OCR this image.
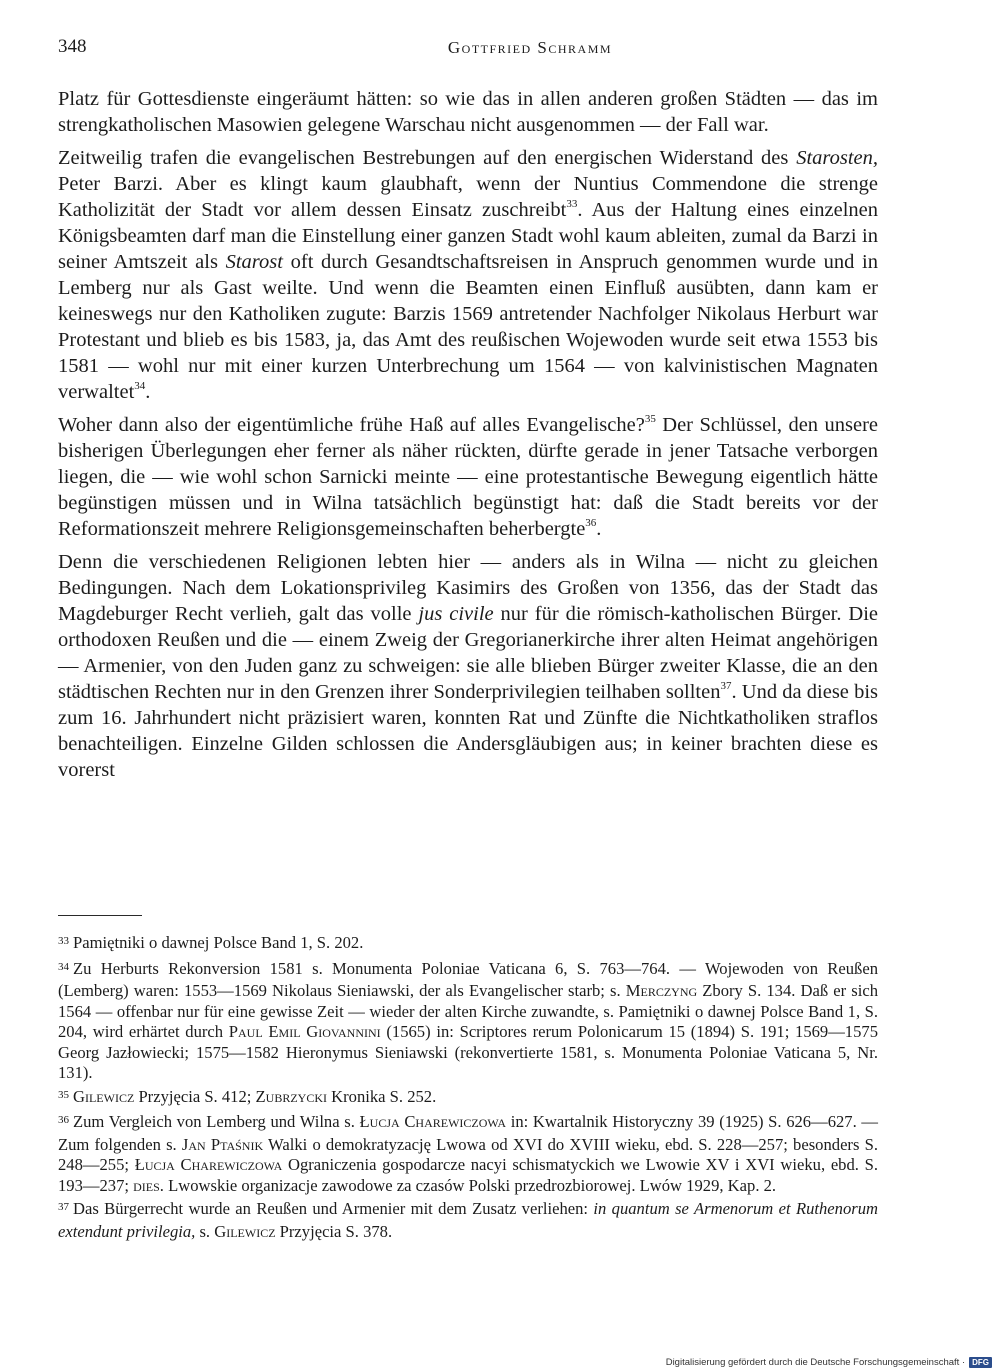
348	Gottfried Schramm

Platz für Gottesdienste eingeräumt hätten: so wie das in allen anderen großen Städten — das im strengkatholischen Masowien gelegene Warschau nicht ausgenommen — der Fall war.

Zeitweilig trafen die evangelischen Bestrebungen auf den energischen Widerstand des Starosten, Peter Barzi. Aber es klingt kaum glaubhaft, wenn der Nuntius Commendone die strenge Katholizität der Stadt vor allem dessen Einsatz zuschreibt$^{33}$. Aus der Haltung eines einzelnen Königsbeamten darf man die Einstellung einer ganzen Stadt wohl kaum ableiten, zumal da Barzi in seiner Amtszeit als Starost oft durch Gesandtschaftsreisen in Anspruch genommen wurde und in Lemberg nur als Gast weilte. Und wenn die Beamten einen Einfluß ausübten, dann kam er keineswegs nur den Katholiken zugute: Barzis 1569 antretender Nachfolger Nikolaus Herburt war Protestant und blieb es bis 1583, ja, das Amt des reußischen Wojewoden wurde seit etwa 1553 bis 1581 — wohl nur mit einer kurzen Unterbrechung um 1564 — von kalvinistischen Magnaten verwaltet$^{34}$.

Woher dann also der eigentümliche frühe Haß auf alles Evangelische?$^{35}$ Der Schlüssel, den unsere bisherigen Überlegungen eher ferner als näher rückten, dürfte gerade in jener Tatsache verborgen liegen, die — wie wohl schon Sarnicki meinte — eine protestantische Bewegung eigentlich hätte begünstigen müssen und in Wilna tatsächlich begünstigt hat: daß die Stadt bereits vor der Reformationszeit mehrere Religionsgemeinschaften beherbergte$^{36}$.

Denn die verschiedenen Religionen lebten hier — anders als in Wilna — nicht zu gleichen Bedingungen. Nach dem Lokationsprivileg Kasimirs des Großen von 1356, das der Stadt das Magdeburger Recht verlieh, galt das volle jus civile nur für die römisch-katholischen Bürger. Die orthodoxen Reußen und die — einem Zweig der Gregorianerkirche ihrer alten Heimat angehörigen — Armenier, von den Juden ganz zu schweigen: sie alle blieben Bürger zweiter Klasse, die an den städtischen Rechten nur in den Grenzen ihrer Sonderprivilegien teilhaben sollten$^{37}$. Und da diese bis zum 16. Jahrhundert nicht präzisiert waren, konnten Rat und Zünfte die Nichtkatholiken straflos benachteiligen. Einzelne Gilden schlossen die Andersgläubigen aus; in keiner brachten diese es vorerst

$^{33}$ Pamiętniki o dawnej Polsce Band 1, S. 202.
$^{34}$ Zu Herburts Rekonversion 1581 s. Monumenta Poloniae Vaticana 6, S. 763—764. — Wojewoden von Reußen (Lemberg) waren: 1553—1569 Nikolaus Sieniawski, der als Evangelischer starb; s. Merczyng Zbory S. 134. Daß er sich 1564 — offenbar nur für eine gewisse Zeit — wieder der alten Kirche zuwandte, s. Pamiętniki o dawnej Polsce Band 1, S. 204, wird erhärtet durch Paul Emil Giovannini (1565) in: Scriptores rerum Polonicarum 15 (1894) S. 191; 1569—1575 Georg Jazłowiecki; 1575—1582 Hieronymus Sieniawski (rekonvertierte 1581, s. Monumenta Poloniae Vaticana 5, Nr. 131).
$^{35}$ Gilewicz Przyjęcia S. 412; Zubrzycki Kronika S. 252.
$^{36}$ Zum Vergleich von Lemberg und Wilna s. Łucja Charewiczowa in: Kwartalnik Historyczny 39 (1925) S. 626—627. — Zum folgenden s. Jan Ptaśnik Walki o demokratyzację Lwowa od XVI do XVIII wieku, ebd. S. 228—257; besonders S. 248—255; Łucja Charewiczowa Ograniczenia gospodarcze nacyi schismatyckich we Lwowie XV i XVI wieku, ebd. S. 193—237; dies. Lwowskie organizacje zawodowe za czasów Polski przedrozbiorowej. Lwów 1929, Kap. 2.
$^{37}$ Das Bürgerrecht wurde an Reußen und Armenier mit dem Zusatz verliehen: in quantum se Armenorum et Ruthenorum extendunt privilegia, s. Gilewicz Przyjęcia S. 378.
Digitalisierung gefördert durch die Deutsche Forschungsgemeinschaft · DFG
